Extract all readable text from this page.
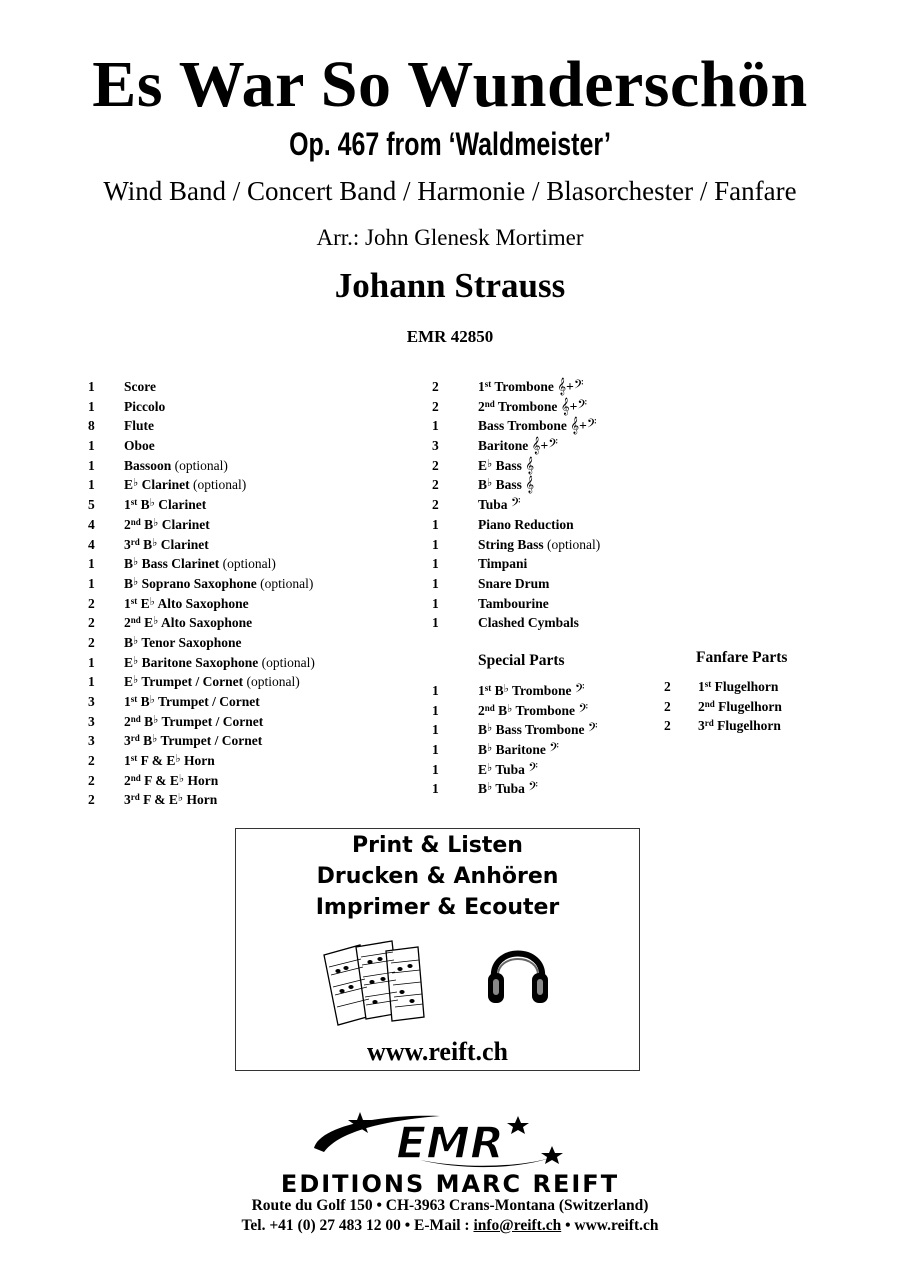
Es War So Wunderschön
Op. 467 from ‘Waldmeister’
Wind Band / Concert Band / Harmonie / Blasorchester / Fanfare
Arr.: John Glenesk Mortimer
Johann Strauss
EMR 42850
1 Score
1 Piccolo
8 Flute
1 Oboe
1 Bassoon (optional)
1 E♭ Clarinet (optional)
5 1st B♭ Clarinet
4 2nd B♭ Clarinet
4 3rd B♭ Clarinet
1 B♭ Bass Clarinet (optional)
1 B♭ Soprano Saxophone (optional)
2 1st E♭ Alto Saxophone
2 2nd E♭ Alto Saxophone
2 B♭ Tenor Saxophone
1 E♭ Baritone Saxophone (optional)
1 E♭ Trumpet / Cornet (optional)
3 1st B♭ Trumpet / Cornet
3 2nd B♭ Trumpet / Cornet
3 3rd B♭ Trumpet / Cornet
2 1st F & E♭ Horn
2 2nd F & E♭ Horn
2 3rd F & E♭ Horn
2	1st Trombone 𝄞+𝄢
2	2nd Trombone 𝄞+𝄢
1	Bass Trombone 𝄞+𝄢
3	Baritone 𝄞+𝄢
2	E♭ Bass 𝄞
2	B♭ Bass 𝄞
2	Tuba 𝄢
1	Piano Reduction
1	String Bass (optional)
1	Timpani
1	Snare Drum
1	Tambourine
1	Clashed Cymbals
Special Parts
1	1st B♭ Trombone 𝄢
1	2nd B♭ Trombone 𝄢
1	B♭ Bass Trombone 𝄢
1	B♭ Baritone 𝄢
1	E♭ Tuba 𝄢
1	B♭ Tuba 𝄢
Fanfare Parts
2 1st Flugelhorn
2 2nd Flugelhorn
2 3rd Flugelhorn
Print & Listen
Drucken & Anhören
Imprimer & Ecouter
www.reift.ch
EMR
EDITIONS MARC REIFT
Route du Golf 150 • CH-3963 Crans-Montana (Switzerland)
Tel. +41 (0) 27 483 12 00 • E-Mail : info@reift.ch • www.reift.ch
